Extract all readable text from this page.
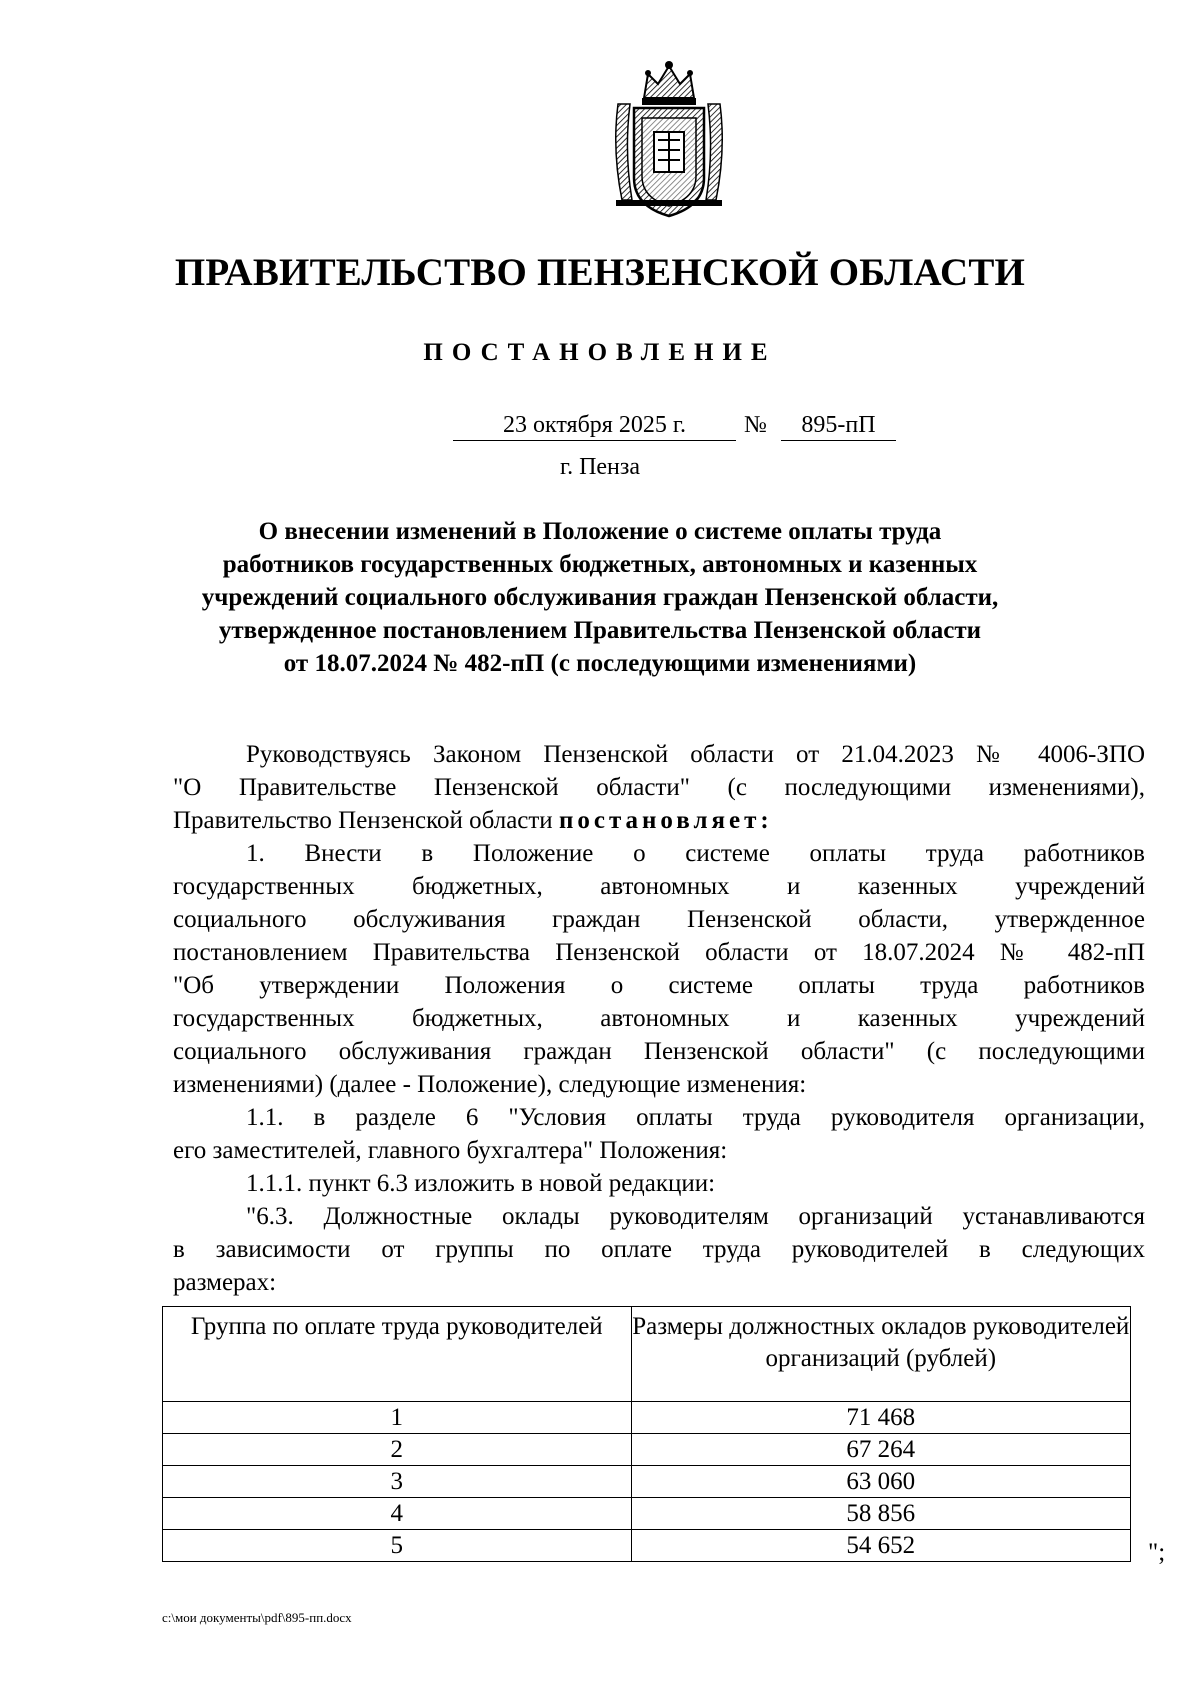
ПРАВИТЕЛЬСТВО ПЕНЗЕНСКОЙ ОБЛАСТИ
ПОСТАНОВЛЕНИЕ
23 октября 2025 г.	№	895-пП
г. Пенза
О внесении изменений в Положение о системе оплаты труда
работников государственных бюджетных, автономных и казенных
учреждений социального обслуживания граждан Пензенской области,
утвержденное постановлением Правительства Пензенской области
от 18.07.2024 № 482-пП (с последующими изменениями)
Руководствуясь Законом Пензенской области от 21.04.2023 № 4006-ЗПО
"О Правительстве Пензенской области" (с последующими изменениями),
Правительство Пензенской области постановляет:
1. Внести в Положение о системе оплаты труда работников
государственных бюджетных, автономных и казенных учреждений
социального обслуживания граждан Пензенской области, утвержденное
постановлением Правительства Пензенской области от 18.07.2024 № 482-пП
"Об утверждении Положения о системе оплаты труда работников
государственных бюджетных, автономных и казенных учреждений
социального обслуживания граждан Пензенской области" (с последующими
изменениями) (далее - Положение), следующие изменения:
1.1. в разделе 6 "Условия оплаты труда руководителя организации,
его заместителей, главного бухгалтера" Положения:
1.1.1. пункт 6.3 изложить в новой редакции:
"6.3. Должностные оклады руководителям организаций устанавливаются
в зависимости от группы по оплате труда руководителей в следующих
размерах:
Группа по оплате труда руководителей	Размеры должностных окладов руководителей организаций (рублей)
1	71 468
2	67 264
3	63 060
4	58 856
5	54 652	";
c:\мои документы\pdf\895-пп.docx
